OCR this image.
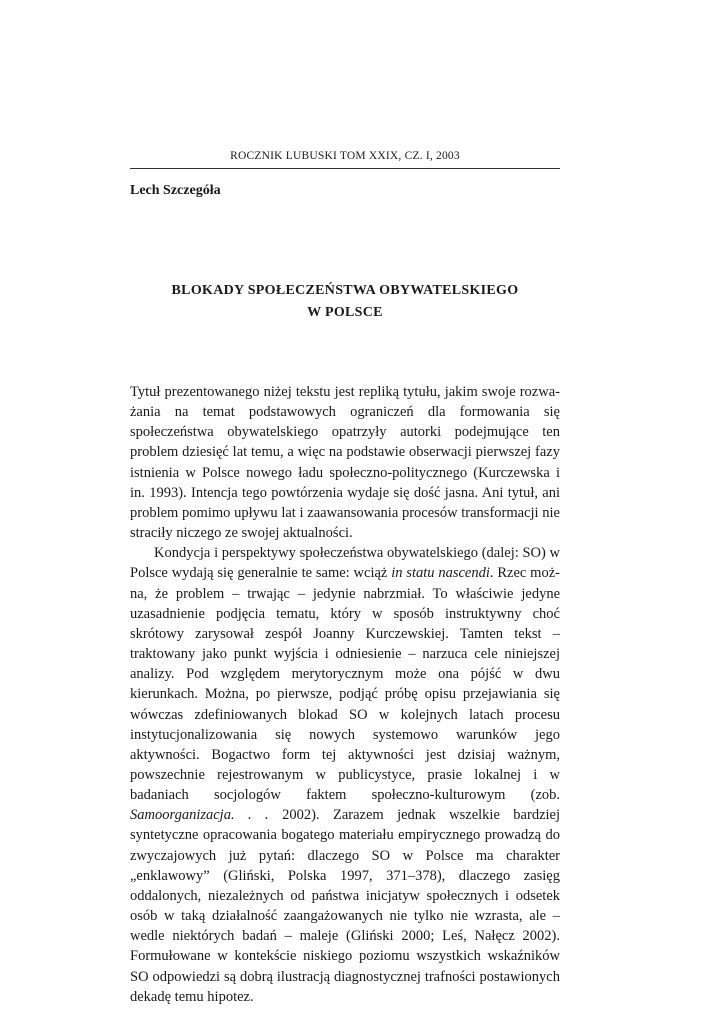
ROCZNIK LUBUSKI TOM XXIX, CZ. I, 2003
Lech Szczegóła
BLOKADY SPOŁECZEŃSTWA OBYWATELSKIEGO
W POLSCE

Tytuł prezentowanego niżej tekstu jest repliką tytułu, jakim swoje rozważania na temat podstawowych ograniczeń dla formowania się społeczeństwa obywatelskiego opatrzyły autorki podejmujące ten problem dziesięć lat temu, a więc na podstawie obserwacji pierwszej fazy istnienia w Polsce nowego ładu społeczno-politycznego (Kurczewska i in. 1993). Intencja tego powtórzenia wydaje się dość jasna. Ani tytuł, ani problem pomimo upływu lat i zaawansowania procesów transformacji nie straciły niczego ze swojej aktualności.

Kondycja i perspektywy społeczeństwa obywatelskiego (dalej: SO) w Polsce wydają się generalnie te same: wciąż in statu nascendi. Rzec można, że problem – trwając – jedynie nabrzmiał. To właściwie jedyne uzasadnienie podjęcia tematu, który w sposób instruktywny choć skrótowy zarysował zespół Joanny Kurczewskiej. Tamten tekst – traktowany jako punkt wyjścia i odniesienie – narzuca cele niniejszej analizy. Pod względem merytorycznym może ona pójść w dwu kierunkach. Można, po pierwsze, podjąć próbę opisu przejawiania się wówczas zdefiniowanych blokad SO w kolejnych latach procesu instytucjonalizowania się nowych systemowo warunków jego aktywności. Bogactwo form tej aktywności jest dzisiaj ważnym, powszechnie rejestrowanym w publicystyce, prasie lokalnej i w badaniach socjologów faktem społeczno-kulturowym (zob. Samoorganizacja. . . 2002). Zarazem jednak wszelkie bardziej syntetyczne opracowania bogatego materiału empirycznego prowadzą do zwyczajowych już pytań: dlaczego SO w Polsce ma charakter „enklawowy” (Gliński, Polska 1997, 371–378), dlaczego zasięg oddalonych, niezależnych od państwa inicjatyw społecznych i odsetek osób w taką działalność zaangażowanych nie tylko nie wzrasta, ale – wedle niektórych badań – maleje (Gliński 2000; Leś, Nałęcz 2002). Formułowane w kontekście niskiego poziomu wszystkich wskaźników SO odpowiedzi są dobrą ilustracją diagnostycznej trafności postawionych dekadę temu hipotez.
